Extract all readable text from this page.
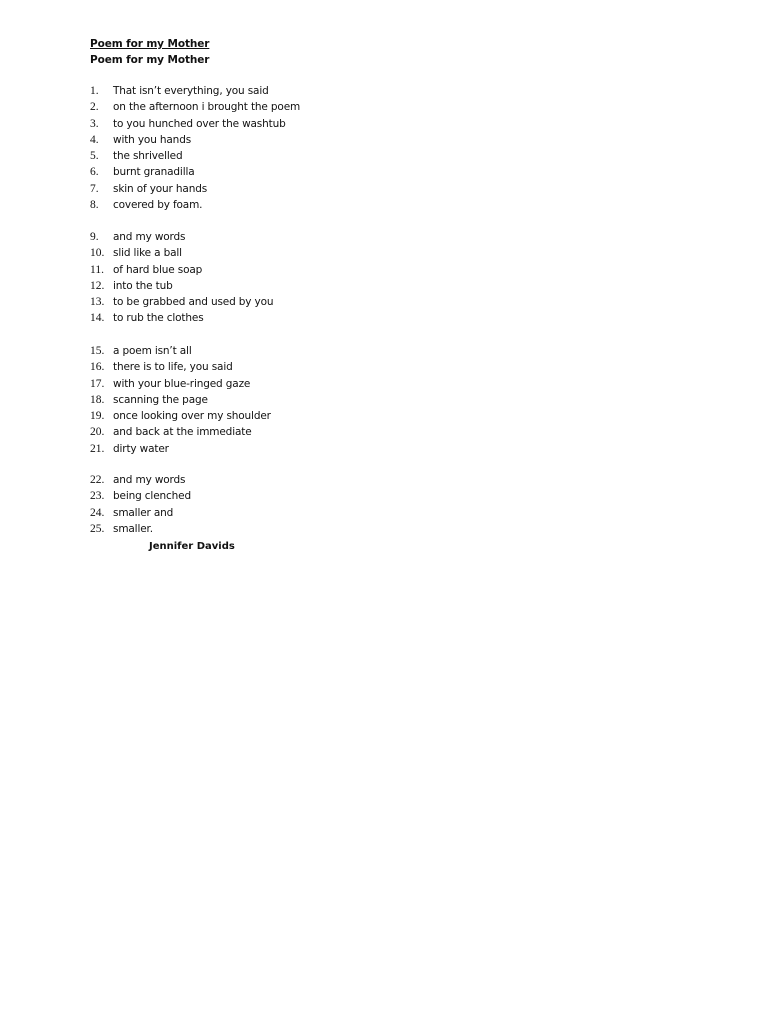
Poem for my Mother
Poem for my Mother
1.	That isn’t everything, you said
2.	on the afternoon i brought the poem
3.	to you hunched over the washtub
4.	with you hands
5.	the shrivelled
6.	burnt granadilla
7.	skin of your hands
8.	covered by foam.
9.	and my words
10. slid like a ball
11. of hard blue soap
12. into the tub
13. to be grabbed and used by you
14. to rub the clothes
15. a poem isn’t all
16. there is to life, you said
17. with your blue-ringed gaze
18. scanning the page
19. once looking over my shoulder
20. and back at the immediate
21. dirty water
22. and my words
23. being clenched
24. smaller and
25. smaller.
Jennifer Davids
